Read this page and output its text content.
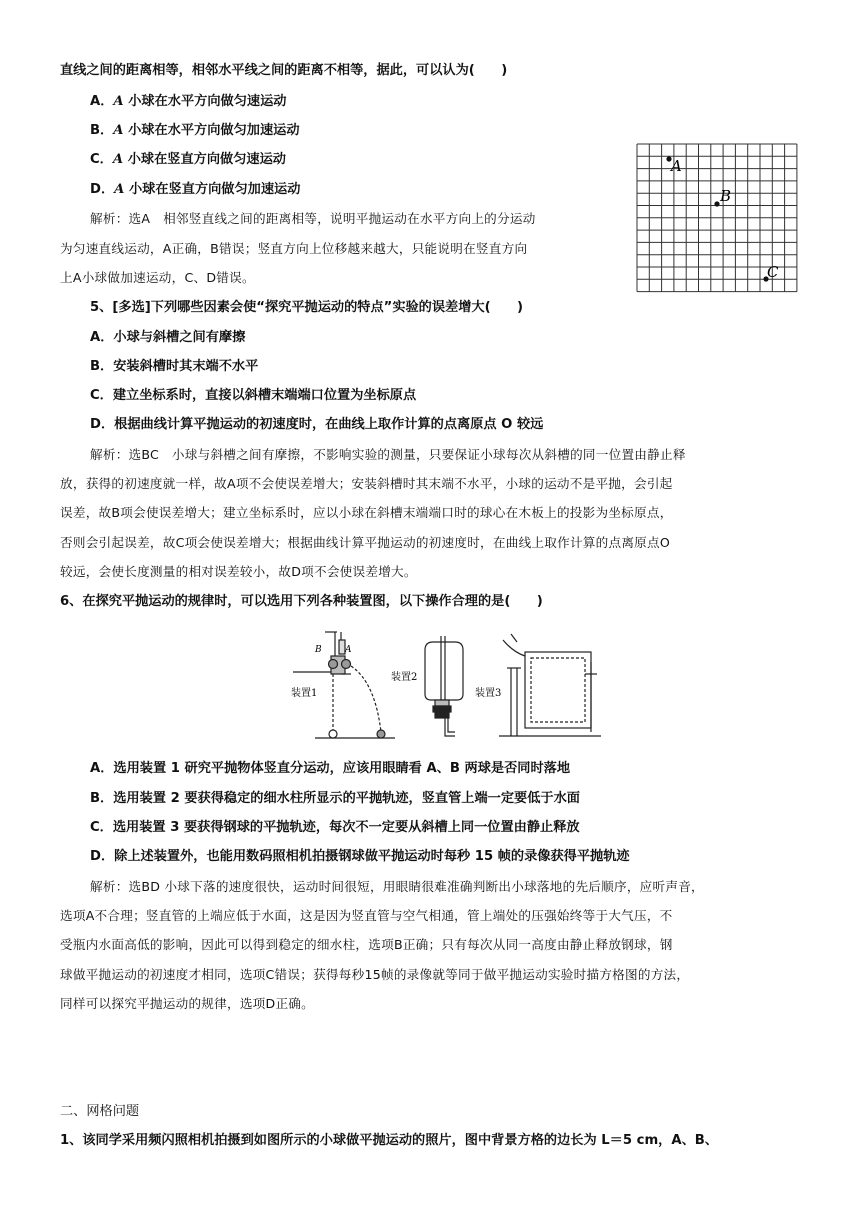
直线之间的距离相等，相邻水平线之间的距离不相等，据此，可以认为(　　)
A．A 小球在水平方向做匀速运动
B．A 小球在水平方向做匀加速运动
C．A 小球在竖直方向做匀速运动
D．A 小球在竖直方向做匀加速运动
解析：选A　相邻竖直线之间的距离相等，说明平抛运动在水平方向上的分运动
为匀速直线运动，A正确，B错误；竖直方向上位移越来越大，只能说明在竖直方向
上A小球做加速运动，C、D错误。
A
B
C
5、[多选]下列哪些因素会使“探究平抛运动的特点”实验的误差增大(　　)
A．小球与斜槽之间有摩擦
B．安装斜槽时其末端不水平
C．建立坐标系时，直接以斜槽末端端口位置为坐标原点
D．根据曲线计算平抛运动的初速度时，在曲线上取作计算的点离原点 O 较远
解析：选BC　小球与斜槽之间有摩擦，不影响实验的测量，只要保证小球每次从斜槽的同一位置由静止释
放，获得的初速度就一样，故A项不会使误差增大；安装斜槽时其末端不水平，小球的运动不是平抛，会引起
误差，故B项会使误差增大；建立坐标系时，应以小球在斜槽末端端口时的球心在木板上的投影为坐标原点，
否则会引起误差，故C项会使误差增大；根据曲线计算平抛运动的初速度时，在曲线上取作计算的点离原点O
较远，会使长度测量的相对误差较小，故D项不会使误差增大。
6、在探究平抛运动的规律时，可以选用下列各种装置图，以下操作合理的是(　　)
装置1
B	A
装置2
装置3
A．选用装置 1 研究平抛物体竖直分运动，应该用眼睛看 A、B 两球是否同时落地
B．选用装置 2 要获得稳定的细水柱所显示的平抛轨迹，竖直管上端一定要低于水面
C．选用装置 3 要获得钢球的平抛轨迹，每次不一定要从斜槽上同一位置由静止释放
D．除上述装置外，也能用数码照相机拍摄钢球做平抛运动时每秒 15 帧的录像获得平抛轨迹
解析：选BD 小球下落的速度很快，运动时间很短，用眼睛很难准确判断出小球落地的先后顺序，应听声音，
选项A不合理；竖直管的上端应低于水面，这是因为竖直管与空气相通，管上端处的压强始终等于大气压，不
受瓶内水面高低的影响，因此可以得到稳定的细水柱，选项B正确；只有每次从同一高度由静止释放钢球，钢
球做平抛运动的初速度才相同，选项C错误；获得每秒15帧的录像就等同于做平抛运动实验时描方格图的方法，
同样可以探究平抛运动的规律，选项D正确。
二、网格问题
1、该同学采用频闪照相机拍摄到如图所示的小球做平抛运动的照片，图中背景方格的边长为 L＝5 cm，A、B、
